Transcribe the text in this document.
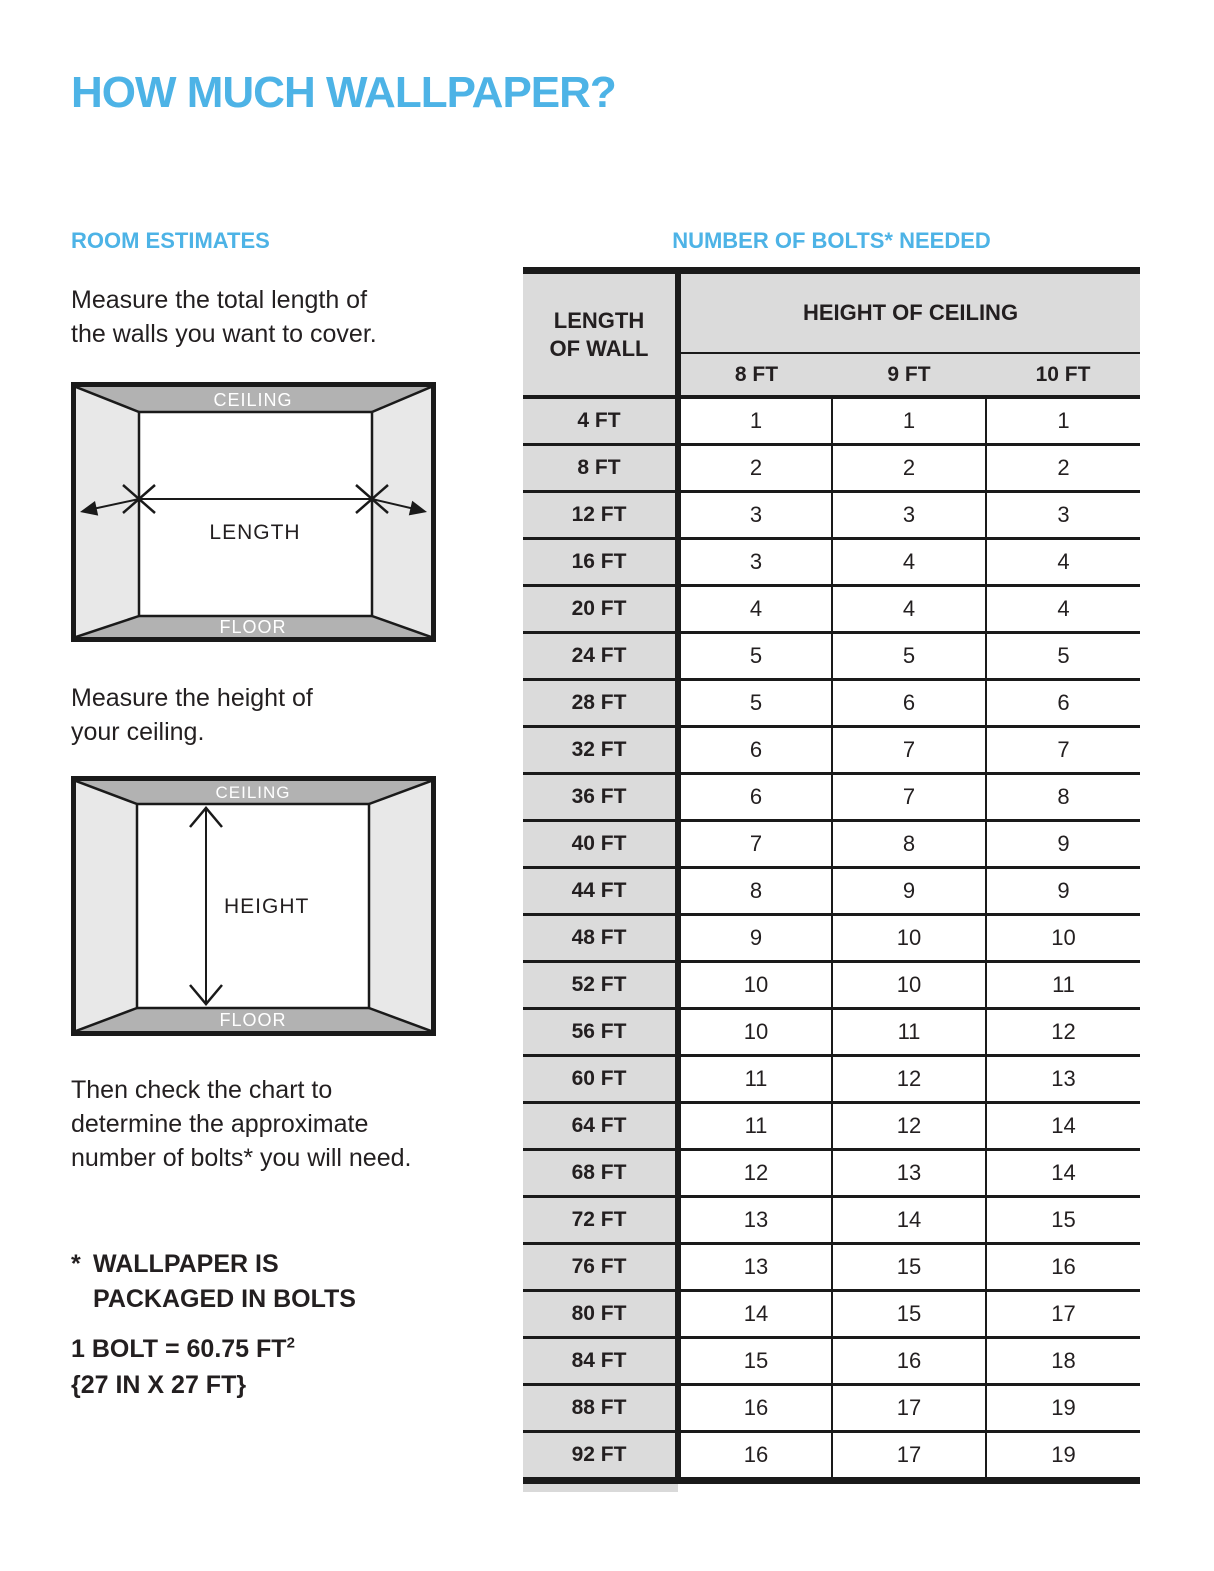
HOW MUCH WALLPAPER?
ROOM ESTIMATES	NUMBER OF BOLTS* NEEDED

Measure the total length of
the walls you want to cover.

CEILING
FLOOR
LENGTH

Measure the height of
your ceiling.

CEILING
FLOOR
HEIGHT

Then check the chart to
determine the approximate
number of bolts* you will need.

* WALLPAPER IS
PACKAGED IN BOLTS
1 BOLT = 60.75 $FT^2$
{27 IN X 27 FT}
LENGTH
OF WALL	HEIGHT OF CEILING		
	8 FT	9 FT	10 FT
4 FT	1	1	1
8 FT	2	2	2
12 FT	3	3	3
16 FT	3	4	4
20 FT	4	4	4
24 FT	5	5	5
28 FT	5	6	6
32 FT	6	7	7
36 FT	6	7	8
40 FT	7	8	9
44 FT	8	9	9
48 FT	9	10	10
52 FT	10	10	11
56 FT	10	11	12
60 FT	11	12	13
64 FT	11	12	14
68 FT	12	13	14
72 FT	13	14	15
76 FT	13	15	16
80 FT	14	15	17
84 FT	15	16	18
88 FT	16	17	19
92 FT	16	17	19
